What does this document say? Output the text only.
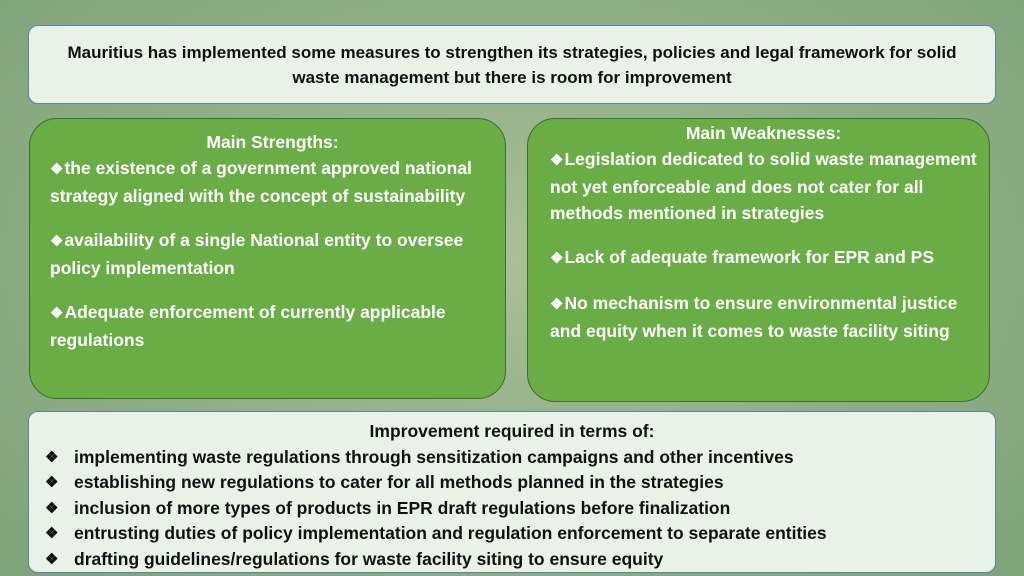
Mauritius has implemented some measures to strengthen its strategies, policies and legal framework for solid waste management but there is room for improvement
Main Strengths:
❖the existence of a government approved national strategy aligned with the concept of sustainability
❖availability of a single National entity to oversee policy implementation
❖Adequate enforcement of currently applicable regulations
Main Weaknesses:
❖Legislation dedicated to solid waste management not yet enforceable and does not cater for all methods mentioned in strategies
❖Lack of adequate framework for EPR and PS
❖No mechanism to ensure environmental justice and equity when it comes to waste facility siting
Improvement required in terms of:
❖ implementing waste regulations through sensitization campaigns and other incentives
❖ establishing new regulations to cater for all methods planned in the strategies
❖ inclusion of more types of products in EPR draft regulations before finalization
❖ entrusting duties of policy implementation and regulation enforcement to separate entities
❖ drafting guidelines/regulations for waste facility siting to ensure equity
